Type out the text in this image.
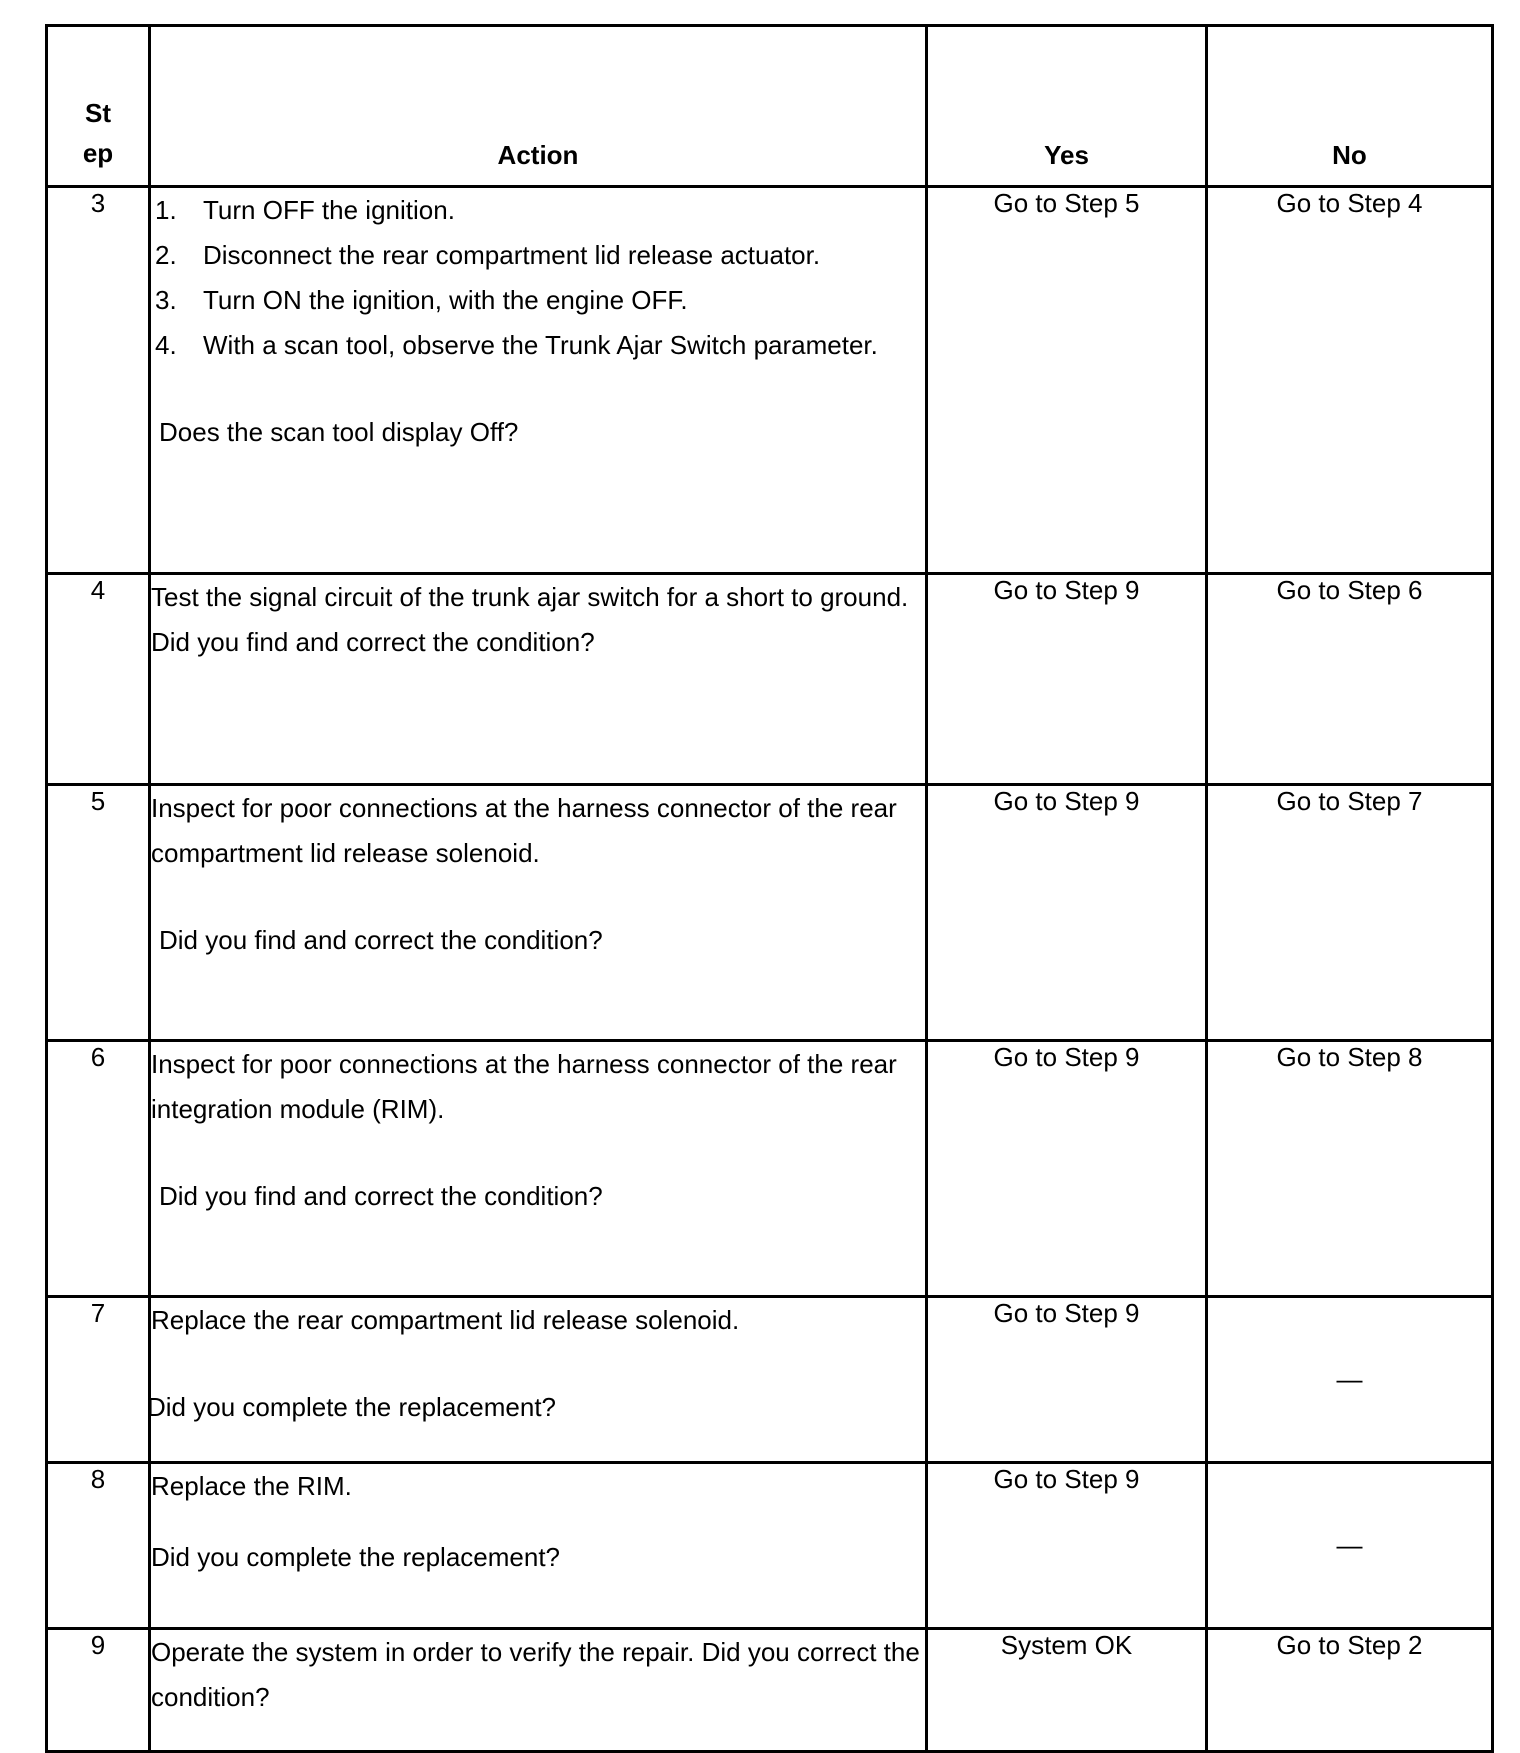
St
ep	Action	Yes	No
3	1. Turn OFF the ignition.
2. Disconnect the rear compartment lid release actuator.
3. Turn ON the ignition, with the engine OFF.
4. With a scan tool, observe the Trunk Ajar Switch parameter.
Does the scan tool display Off?	Go to Step 5	Go to Step 4
4	Test the signal circuit of the trunk ajar switch for a short to ground.
Did you find and correct the condition?	Go to Step 9	Go to Step 6
5	Inspect for poor connections at the harness connector of the rear compartment lid release solenoid.
Did you find and correct the condition?	Go to Step 9	Go to Step 7
6	Inspect for poor connections at the harness connector of the rear integration module (RIM).
Did you find and correct the condition?	Go to Step 9	Go to Step 8
7	Replace the rear compartment lid release solenoid.
Did you complete the replacement?	Go to Step 9	—
8	Replace the RIM.
Did you complete the replacement?	Go to Step 9	—
9	Operate the system in order to verify the repair. Did you correct the condition?	System OK	Go to Step 2
